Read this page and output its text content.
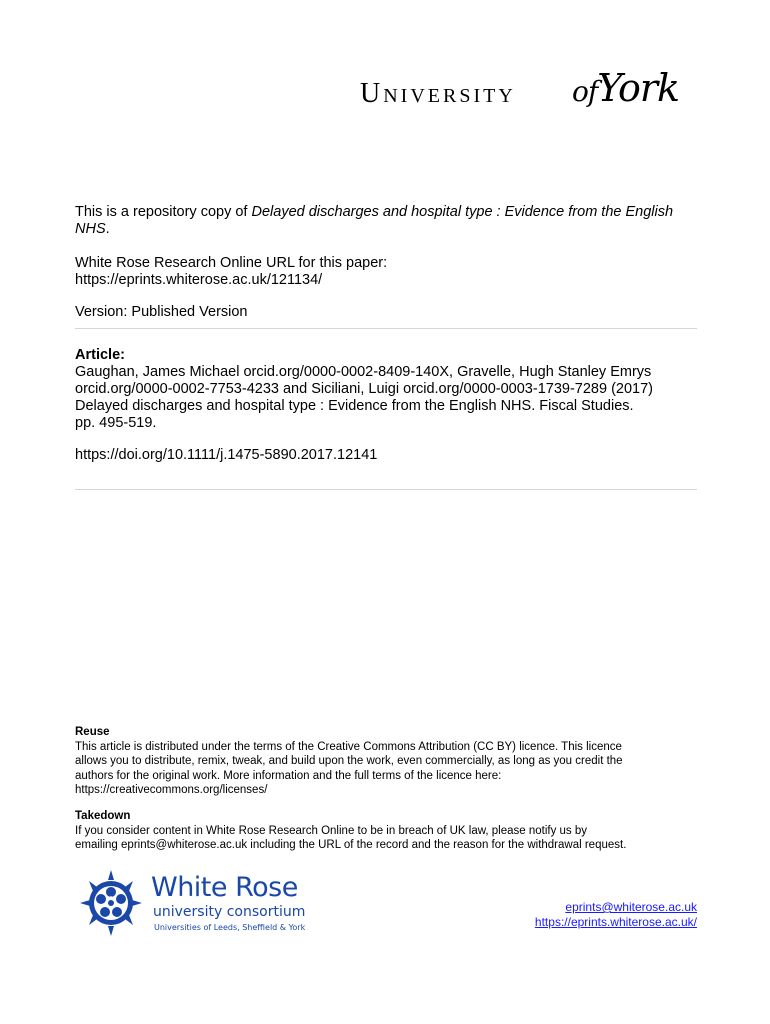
University ofYork
This is a repository copy of Delayed discharges and hospital type : Evidence from the English NHS.
White Rose Research Online URL for this paper:
https://eprints.whiterose.ac.uk/121134/
Version: Published Version
Article:
Gaughan, James Michael orcid.org/0000-0002-8409-140X, Gravelle, Hugh Stanley Emrys
orcid.org/0000-0002-7753-4233 and Siciliani, Luigi orcid.org/0000-0003-1739-7289 (2017)
Delayed discharges and hospital type : Evidence from the English NHS. Fiscal Studies.
pp. 495-519.
https://doi.org/10.1111/j.1475-5890.2017.12141
Reuse
This article is distributed under the terms of the Creative Commons Attribution (CC BY) licence. This licence
allows you to distribute, remix, tweak, and build upon the work, even commercially, as long as you credit the
authors for the original work. More information and the full terms of the licence here:
https://creativecommons.org/licenses/
Takedown
If you consider content in White Rose Research Online to be in breach of UK law, please notify us by
emailing eprints@whiterose.ac.uk including the URL of the record and the reason for the withdrawal request.
White Rose
university consortium
Universities of Leeds, Sheffield & York
eprints@whiterose.ac.uk
https://eprints.whiterose.ac.uk/
